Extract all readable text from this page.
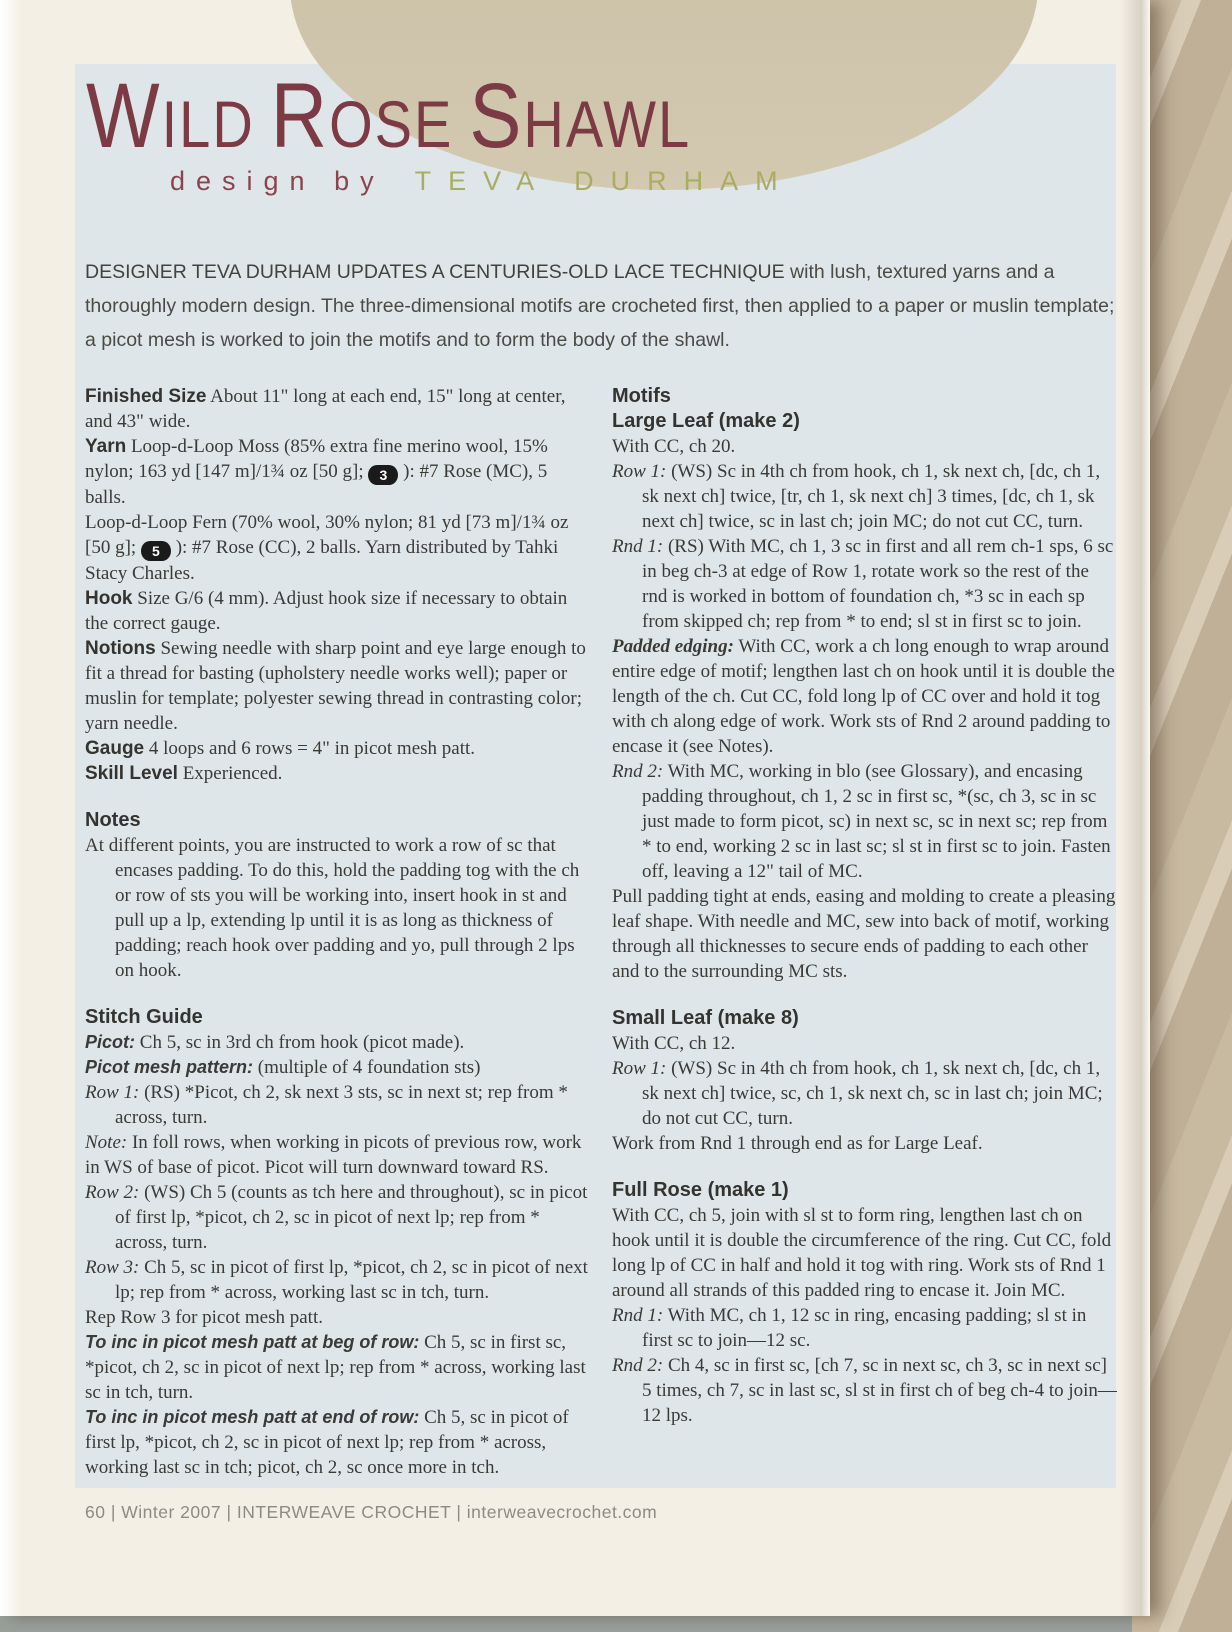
WILD ROSE SHAWL
design by TEVA DURHAM
DESIGNER TEVA DURHAM UPDATES A CENTURIES-OLD LACE TECHNIQUE with lush, textured yarns and a thoroughly modern design. The three-dimensional motifs are crocheted first, then applied to a paper or muslin template; a picot mesh is worked to join the motifs and to form the body of the shawl.

Finished Size About 11" long at each end, 15" long at center, and 43" wide.

Yarn Loop-d-Loop Moss (85% extra fine merino wool, 15% nylon; 163 yd [147 m]/1¾ oz [50 g]; 3 ): #7 Rose (MC), 5 balls.

Loop-d-Loop Fern (70% wool, 30% nylon; 81 yd [73 m]/1¾ oz [50 g]; 5 ): #7 Rose (CC), 2 balls. Yarn distributed by Tahki Stacy Charles.

Hook Size G/6 (4 mm). Adjust hook size if necessary to obtain the correct gauge.

Notions Sewing needle with sharp point and eye large enough to fit a thread for basting (upholstery needle works well); paper or muslin for template; polyester sewing thread in contrasting color; yarn needle.

Gauge 4 loops and 6 rows = 4" in picot mesh patt.

Skill Level Experienced.

Notes

At different points, you are instructed to work a row of sc that encases padding. To do this, hold the padding tog with the ch or row of sts you will be working into, insert hook in st and pull up a lp, extending lp until it is as long as thickness of padding; reach hook over padding and yo, pull through 2 lps on hook.

Stitch Guide

Picot: Ch 5, sc in 3rd ch from hook (picot made).

Picot mesh pattern: (multiple of 4 foundation sts)

Row 1: (RS) *Picot, ch 2, sk next 3 sts, sc in next st; rep from * across, turn.

Note: In foll rows, when working in picots of previous row, work in WS of base of picot. Picot will turn downward toward RS.

Row 2: (WS) Ch 5 (counts as tch here and throughout), sc in picot of first lp, *picot, ch 2, sc in picot of next lp; rep from * across, turn.

Row 3: Ch 5, sc in picot of first lp, *picot, ch 2, sc in picot of next lp; rep from * across, working last sc in tch, turn.

Rep Row 3 for picot mesh patt.

To inc in picot mesh patt at beg of row: Ch 5, sc in first sc, *picot, ch 2, sc in picot of next lp; rep from * across, working last sc in tch, turn.

To inc in picot mesh patt at end of row: Ch 5, sc in picot of first lp, *picot, ch 2, sc in picot of next lp; rep from * across, working last sc in tch; picot, ch 2, sc once more in tch.

Motifs

Large Leaf (make 2)

With CC, ch 20.

Row 1: (WS) Sc in 4th ch from hook, ch 1, sk next ch, [dc, ch 1, sk next ch] twice, [tr, ch 1, sk next ch] 3 times, [dc, ch 1, sk next ch] twice, sc in last ch; join MC; do not cut CC, turn.

Rnd 1: (RS) With MC, ch 1, 3 sc in first and all rem ch-1 sps, 6 sc in beg ch-3 at edge of Row 1, rotate work so the rest of the rnd is worked in bottom of foundation ch, *3 sc in each sp from skipped ch; rep from * to end; sl st in first sc to join.

Padded edging: With CC, work a ch long enough to wrap around entire edge of motif; lengthen last ch on hook until it is double the length of the ch. Cut CC, fold long lp of CC over and hold it tog with ch along edge of work. Work sts of Rnd 2 around padding to encase it (see Notes).

Rnd 2: With MC, working in blo (see Glossary), and encasing padding throughout, ch 1, 2 sc in first sc, *(sc, ch 3, sc in sc just made to form picot, sc) in next sc, sc in next sc; rep from * to end, working 2 sc in last sc; sl st in first sc to join. Fasten off, leaving a 12" tail of MC.

Pull padding tight at ends, easing and molding to create a pleasing leaf shape. With needle and MC, sew into back of motif, working through all thicknesses to secure ends of padding to each other and to the surrounding MC sts.

Small Leaf (make 8)

With CC, ch 12.

Row 1: (WS) Sc in 4th ch from hook, ch 1, sk next ch, [dc, ch 1, sk next ch] twice, sc, ch 1, sk next ch, sc in last ch; join MC; do not cut CC, turn.

Work from Rnd 1 through end as for Large Leaf.

Full Rose (make 1)

With CC, ch 5, join with sl st to form ring, lengthen last ch on hook until it is double the circumference of the ring. Cut CC, fold long lp of CC in half and hold it tog with ring. Work sts of Rnd 1 around all strands of this padded ring to encase it. Join MC.

Rnd 1: With MC, ch 1, 12 sc in ring, encasing padding; sl st in first sc to join—12 sc.

Rnd 2: Ch 4, sc in first sc, [ch 7, sc in next sc, ch 3, sc in next sc] 5 times, ch 7, sc in last sc, sl st in first ch of beg ch-4 to join—12 lps.

60 | Winter 2007 | INTERWEAVE CROCHET | interweavecrochet.com
